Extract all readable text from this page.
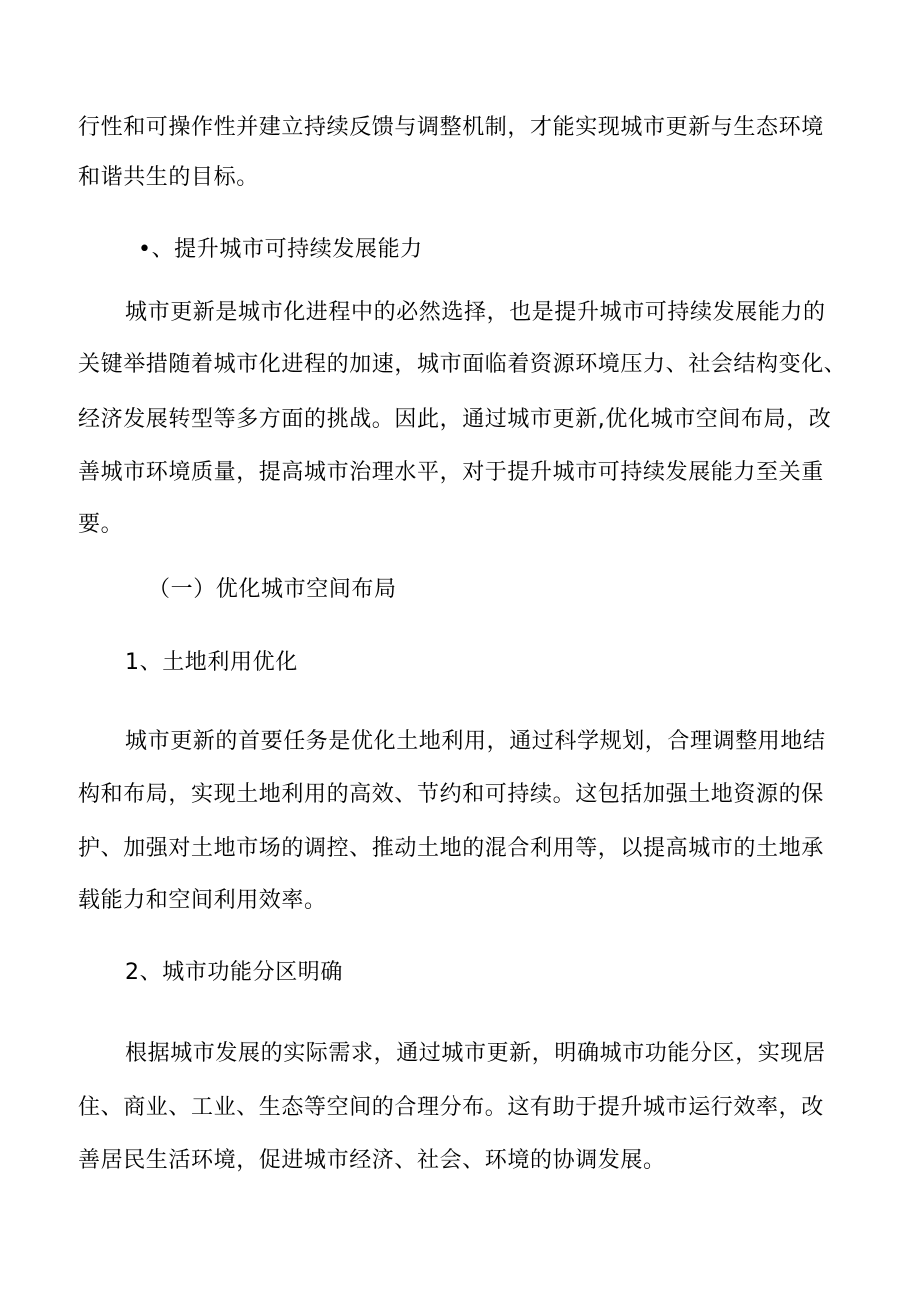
行性和可操作性并建立持续反馈与调整机制，才能实现城市更新与生态环境
和谐共生的目标。
•、提升城市可持续发展能力
城市更新是城市化进程中的必然选择，也是提升城市可持续发展能力的
关键举措随着城市化进程的加速，城市面临着资源环境压力、社会结构变化、
经济发展转型等多方面的挑战。因此，通过城市更新,优化城市空间布局，改
善城市环境质量，提高城市治理水平，对于提升城市可持续发展能力至关重
要。
（一）优化城市空间布局
1、土地利用优化
城市更新的首要任务是优化土地利用，通过科学规划，合理调整用地结
构和布局，实现土地利用的高效、节约和可持续。这包括加强土地资源的保
护、加强对土地市场的调控、推动土地的混合利用等，以提高城市的土地承
载能力和空间利用效率。
2、城市功能分区明确
根据城市发展的实际需求，通过城市更新，明确城市功能分区，实现居
住、商业、工业、生态等空间的合理分布。这有助于提升城市运行效率，改
善居民生活环境，促进城市经济、社会、环境的协调发展。
